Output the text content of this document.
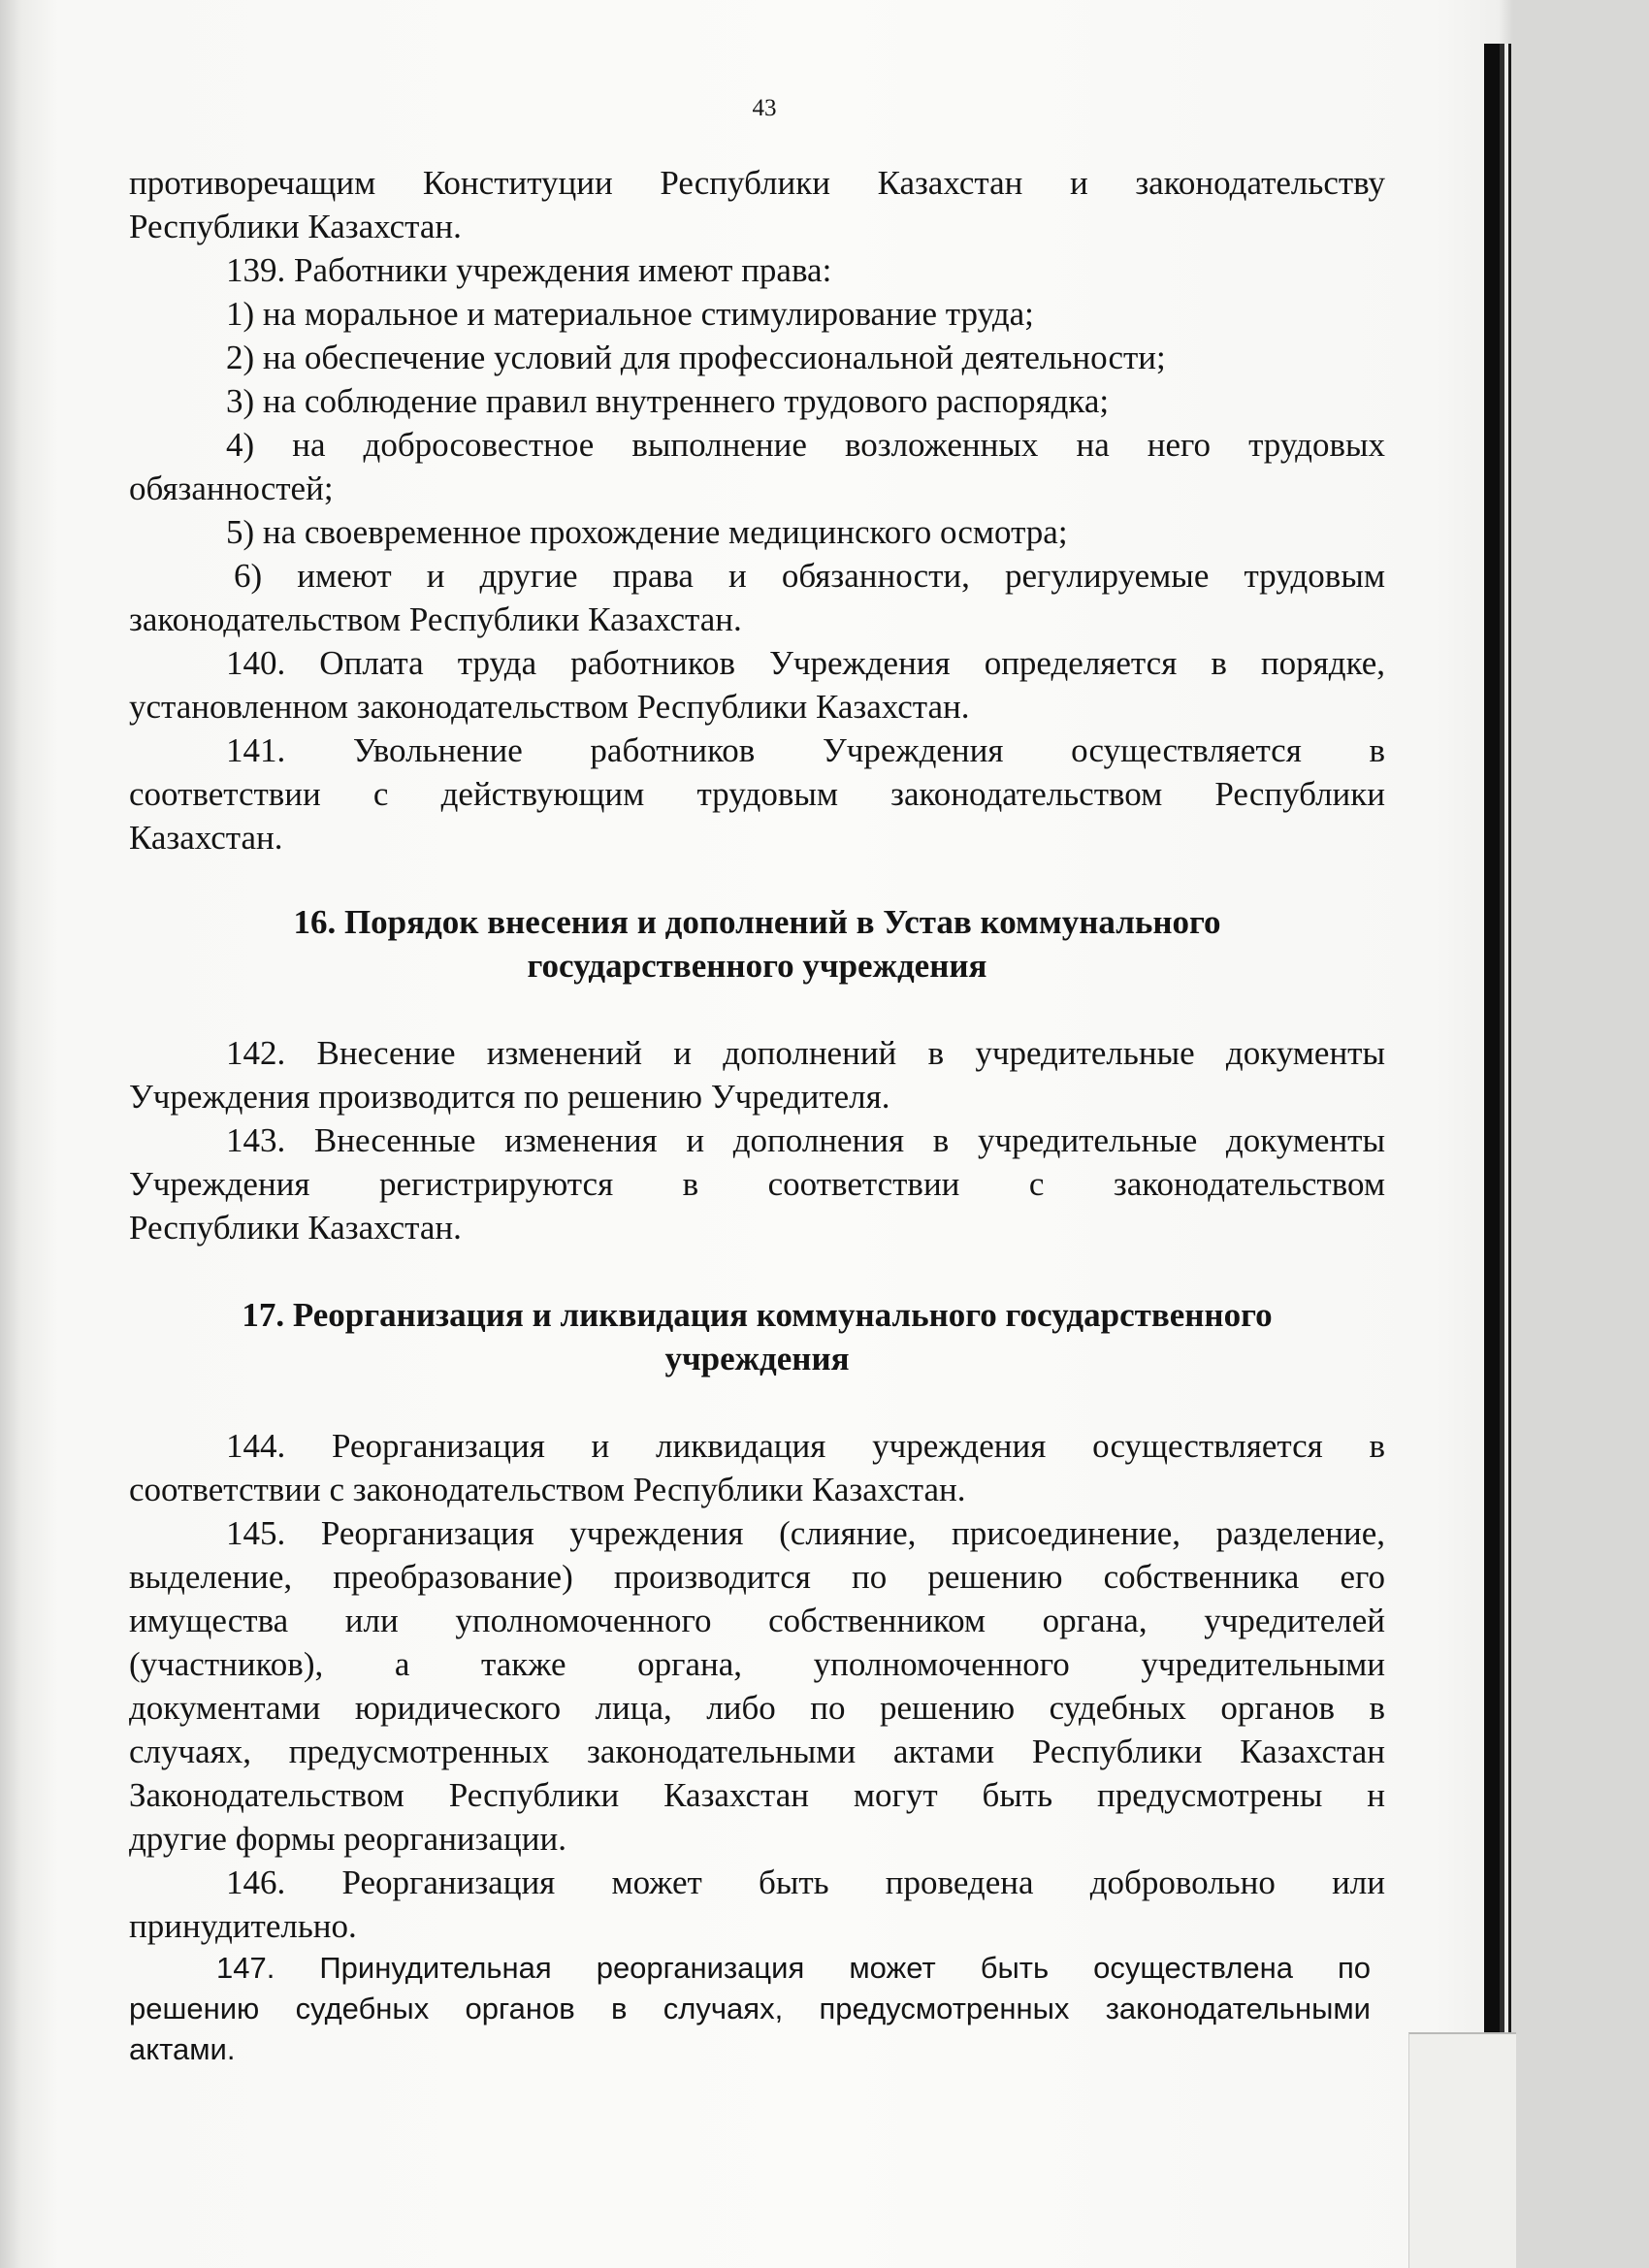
43
противоречащим Конституции Республики Казахстан и законодательству
Республики Казахстан.
139. Работники учреждения имеют права:
1) на моральное и материальное стимулирование труда;
2) на обеспечение условий для профессиональной деятельности;
3) на соблюдение правил внутреннего трудового распорядка;
4) на добросовестное выполнение возложенных на него трудовых
обязанностей;
5) на своевременное прохождение медицинского осмотра;
6) имеют и другие права и обязанности, регулируемые трудовым
законодательством Республики Казахстан.
140. Оплата труда работников Учреждения определяется в порядке,
установленном законодательством Республики Казахстан.
141. Увольнение работников Учреждения осуществляется в
соответствии с действующим трудовым законодательством Республики
Казахстан.
16. Порядок внесения и дополнений в Устав коммунального
государственного учреждения
142. Внесение изменений и дополнений в учредительные документы
Учреждения производится по решению Учредителя.
143. Внесенные изменения и дополнения в учредительные документы
Учреждения регистрируются в соответствии с законодательством
Республики Казахстан.
17. Реорганизация и ликвидация коммунального государственного
учреждения
144. Реорганизация и ликвидация учреждения осуществляется в
соответствии с законодательством Республики Казахстан.
145. Реорганизация учреждения (слияние, присоединение, разделение,
выделение, преобразование) производится по решению собственника его
имущества или уполномоченного собственником органа, учредителей
(участников), а также органа, уполномоченного учредительными
документами юридического лица, либо по решению судебных органов в
случаях, предусмотренных законодательными актами Республики Казахстан
Законодательством Республики Казахстан могут быть предусмотрены н
другие формы реорганизации.
146. Реорганизация может быть проведена добровольно или
принудительно.
147. Принудительная реорганизация может быть осуществлена по
решению судебных органов в случаях, предусмотренных законодательными
актами.
